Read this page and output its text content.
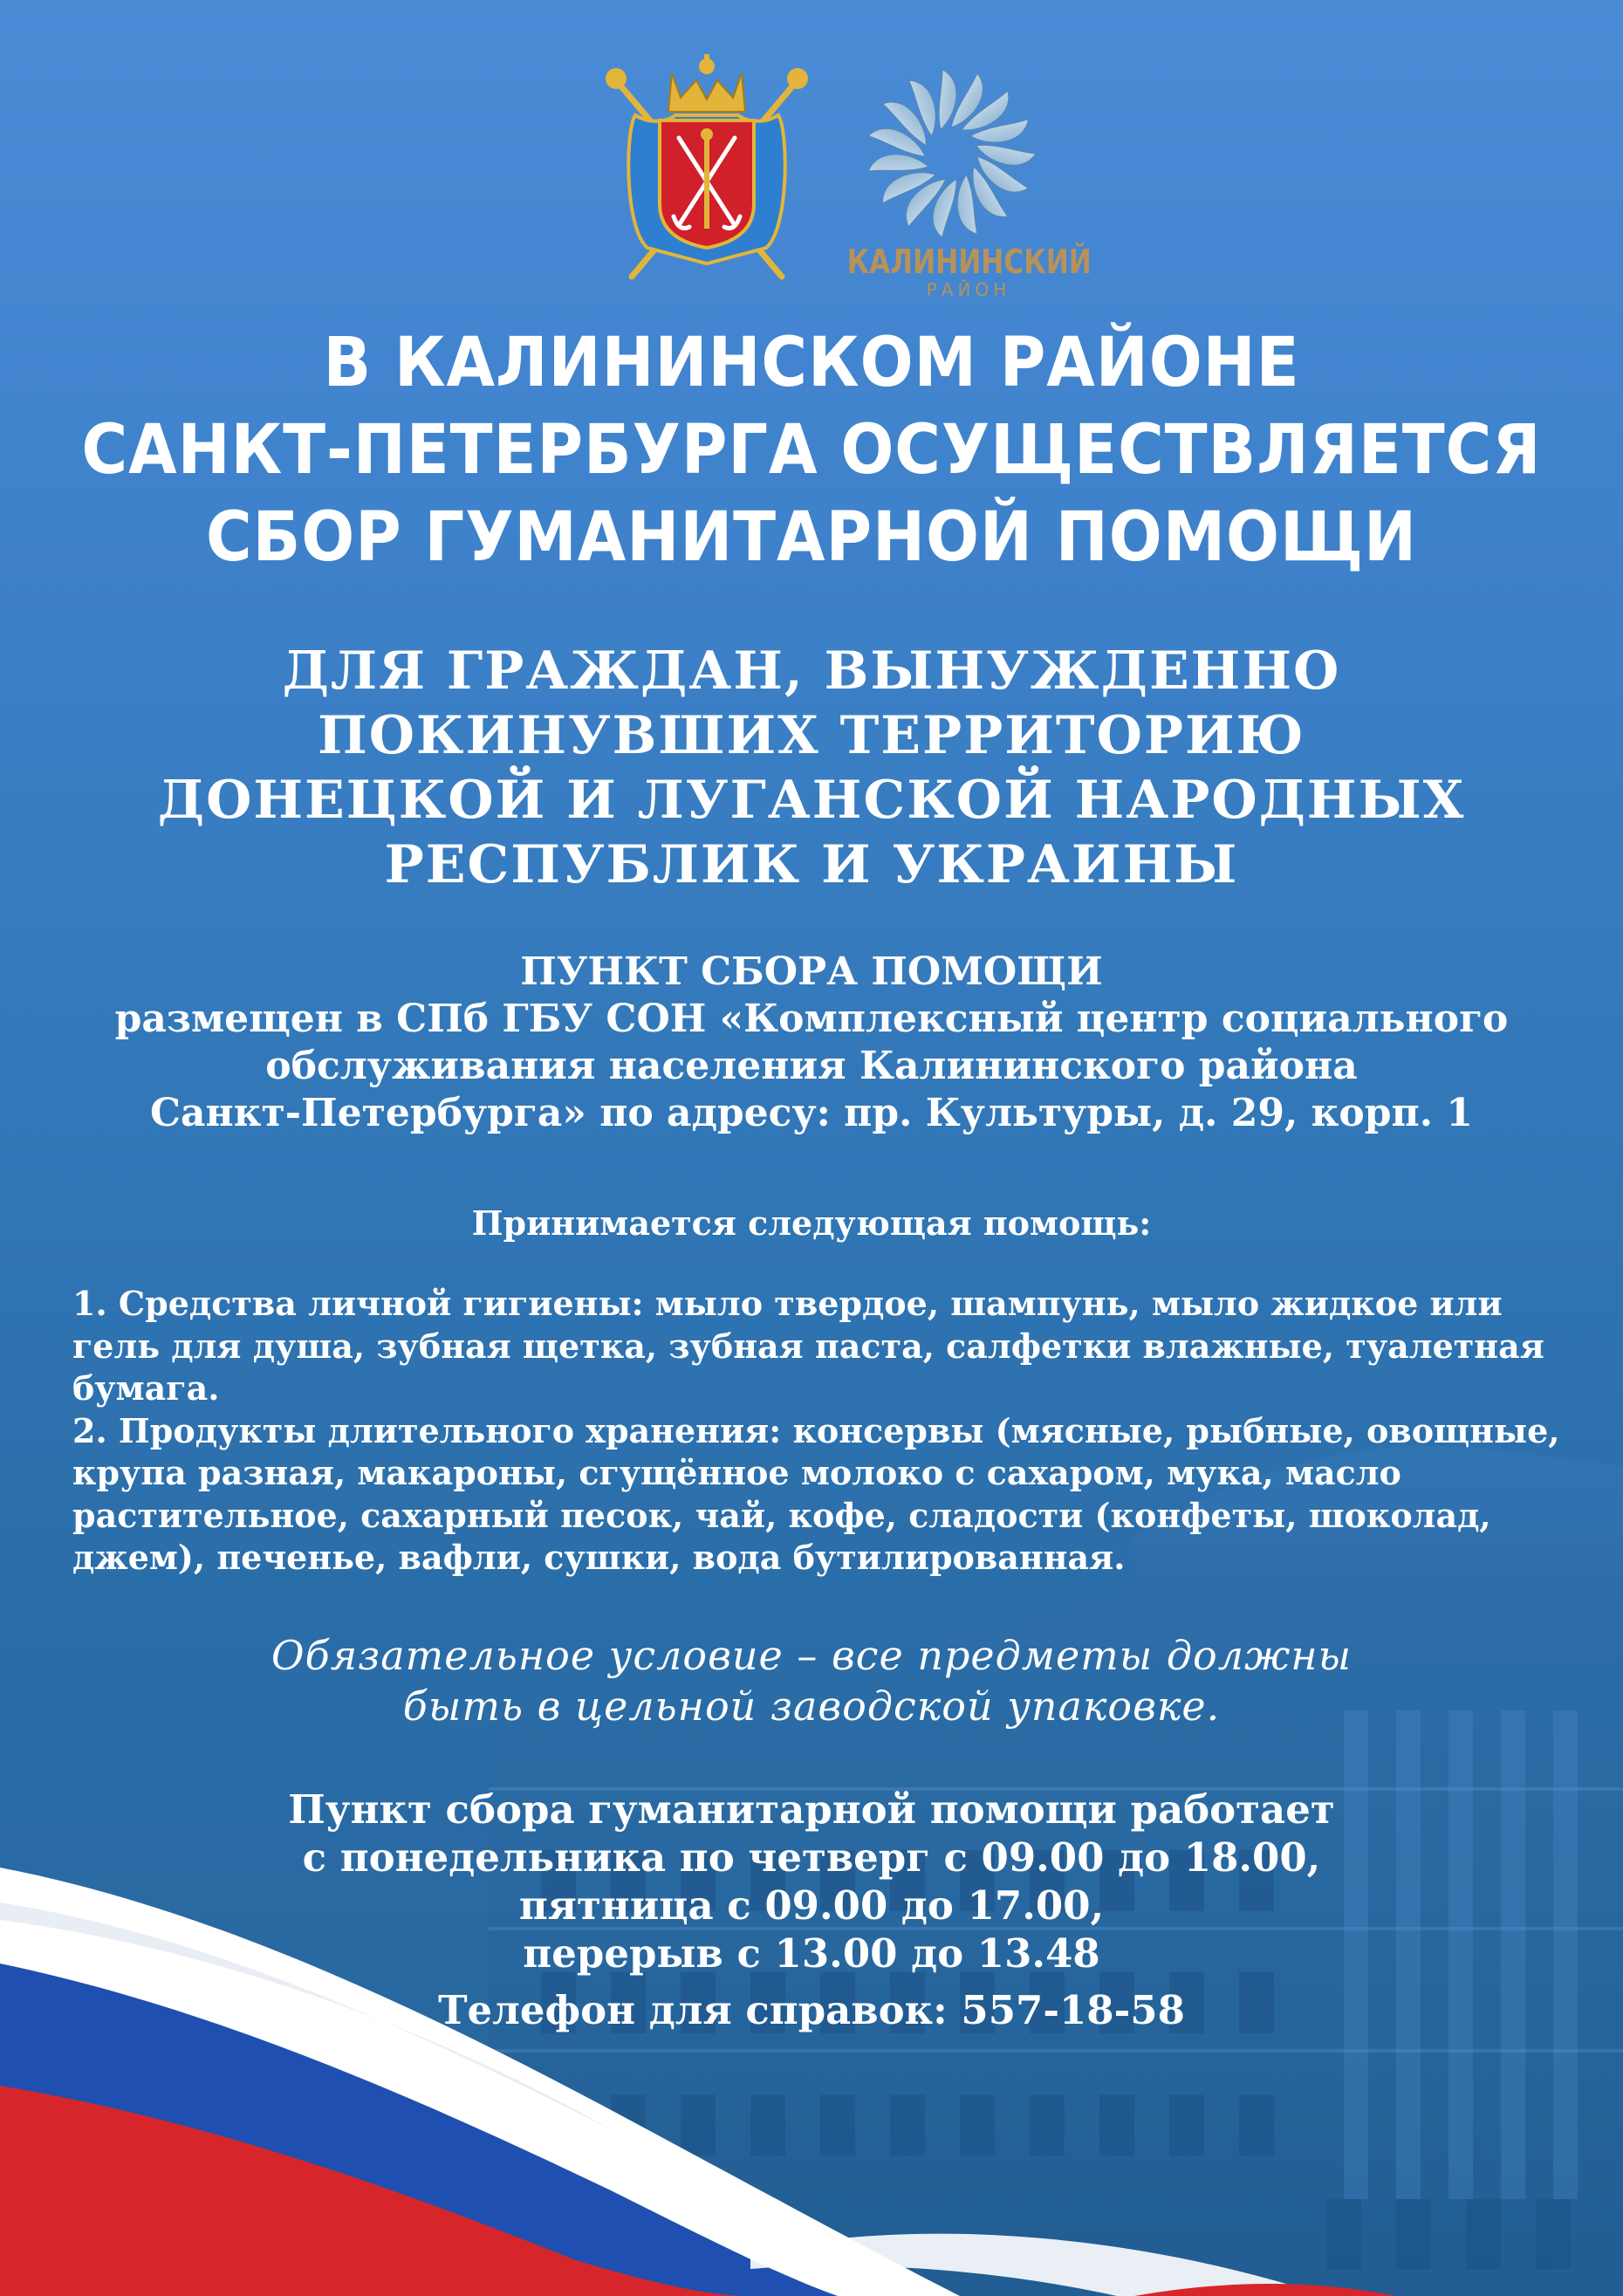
КАЛИНИНСКИЙ
РАЙОН
В КАЛИНИНСКОМ РАЙОНЕ
САНКТ-ПЕТЕРБУРГА ОСУЩЕСТВЛЯЕТСЯ
СБОР ГУМАНИТАРНОЙ ПОМОЩИ
ДЛЯ ГРАЖДАН, ВЫНУЖДЕННО
ПОКИНУВШИХ ТЕРРИТОРИЮ
ДОНЕЦКОЙ И ЛУГАНСКОЙ НАРОДНЫХ
РЕСПУБЛИК И УКРАИНЫ
ПУНКТ СБОРА ПОМОЩИ
размещен в СПб ГБУ СОН «Комплексный центр социального
обслуживания населения Калининского района
Санкт-Петербурга» по адресу: пр. Культуры, д. 29, корп. 1
Принимается следующая помощь:

1. Средства личной гигиены: мыло твердое, шампунь, мыло жидкое или гель для душа, зубная щетка, зубная паста, салфетки влажные, туалетная бумага.

2. Продукты длительного хранения: консервы (мясные, рыбные, овощные, крупа разная, макароны, сгущённое молоко с сахаром, мука, масло растительное, сахарный песок, чай, кофе, сладости (конфеты, шоколад, джем), печенье, вафли, сушки, вода бутилированная.

Обязательное условие – все предметы должны
быть в цельной заводской упаковке.
Пункт сбора гуманитарной помощи работает
с понедельника по четверг с 09.00 до 18.00,
пятница с 09.00 до 17.00,
перерыв с 13.00 до 13.48
Телефон для справок: 557-18-58
